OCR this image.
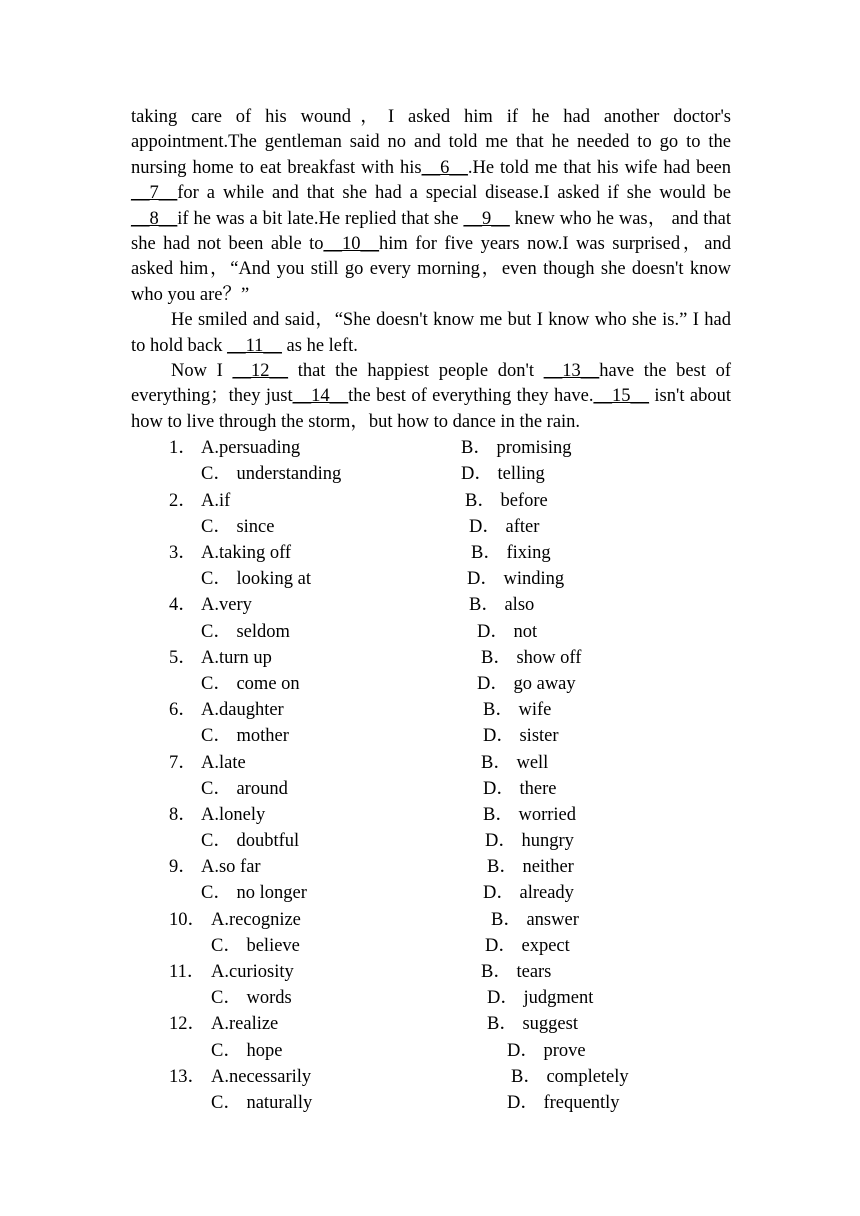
taking care of his wound，I asked him if he had another doctor's appointment.The gentleman said no and told me that he needed to go to the nursing home to eat breakfast with his__6__.He told me that his wife had been __7__for a while and that she had a special disease.I asked if she would be __8__if he was a bit late.He replied that she __9__ knew who he was， and that she had not been able to__10__him for five years now.I was surprised，and asked him，“And you still go every morning，even though she doesn't know who you are？”

He smiled and said，“She doesn't know me but I know who she is.” I had to hold back __11__ as he left.

Now I __12__ that the happiest people don't __13__have the best of everything；they just__14__the best of everything they have.__15__ isn't about how to live through the storm，but how to dance in the rain.

1． A.persuading	B． promising
C． understanding	D． telling
2． A.if	B． before
C． since	D． after
3． A.taking off	B． fixing
C． looking at	D． winding
4． A.very	B． also
C． seldom	D． not
5． A.turn up	B． show off
C． come on	D． go away
6． A.daughter	B． wife
C． mother	D． sister
7． A.late	B． well
C． around	D． there
8． A.lonely	B． worried
C． doubtful	D． hungry
9． A.so far	B． neither
C． no longer	D． already
10． A.recognize	B． answer
C． believe	D． expect
11． A.curiosity	B． tears
C． words	D． judgment
12． A.realize	B． suggest
C． hope	D． prove
13． A.necessarily	B． completely
C． naturally	D． frequently
